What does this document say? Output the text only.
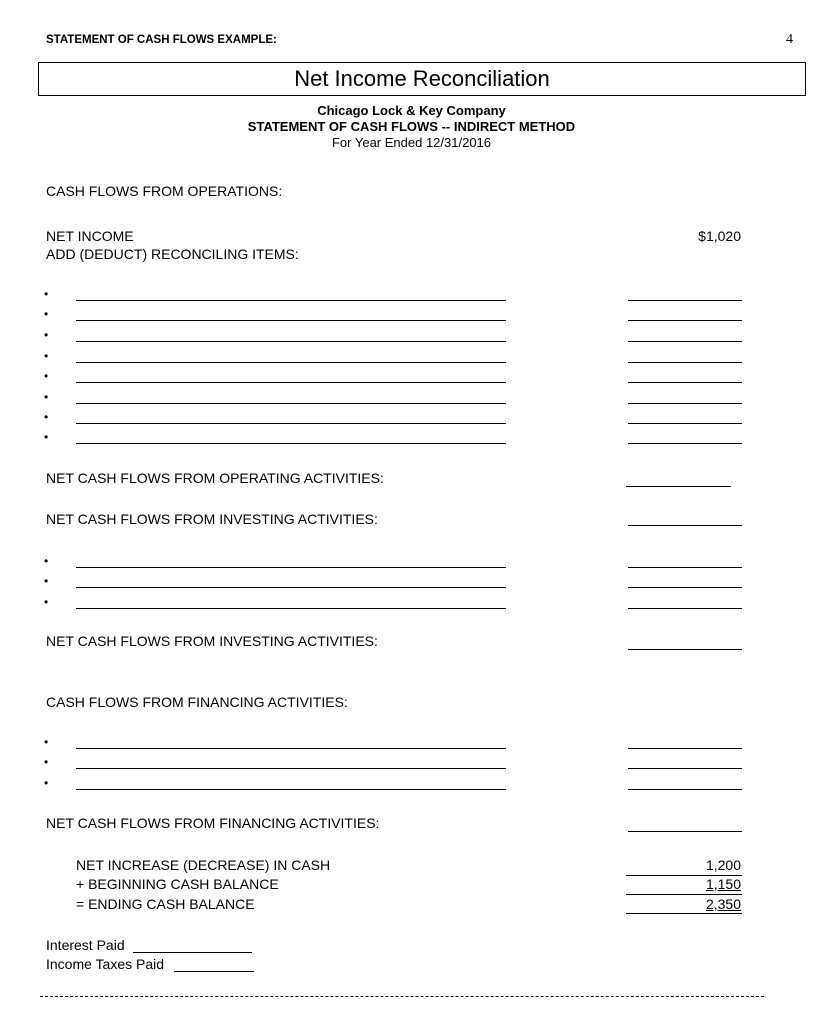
STATEMENT OF CASH FLOWS EXAMPLE:	4
Net Income Reconciliation
Chicago Lock & Key Company
STATEMENT OF CASH FLOWS -- INDIRECT METHOD
For Year Ended 12/31/2016
CASH FLOWS FROM OPERATIONS:
NET INCOME	$1,020
ADD (DEDUCT) RECONCILING ITEMS:
•
•
•
•
•
•
•
•
NET CASH FLOWS FROM OPERATING ACTIVITIES:
NET CASH FLOWS FROM INVESTING ACTIVITIES:
•
•
•
NET CASH FLOWS FROM INVESTING ACTIVITIES:
CASH FLOWS FROM FINANCING ACTIVITIES:
•
•
•
NET CASH FLOWS FROM FINANCING ACTIVITIES:
NET INCREASE (DECREASE) IN CASH	1,200
+ BEGINNING CASH BALANCE	1,150
= ENDING CASH BALANCE	2,350
Interest Paid
Income Taxes Paid
